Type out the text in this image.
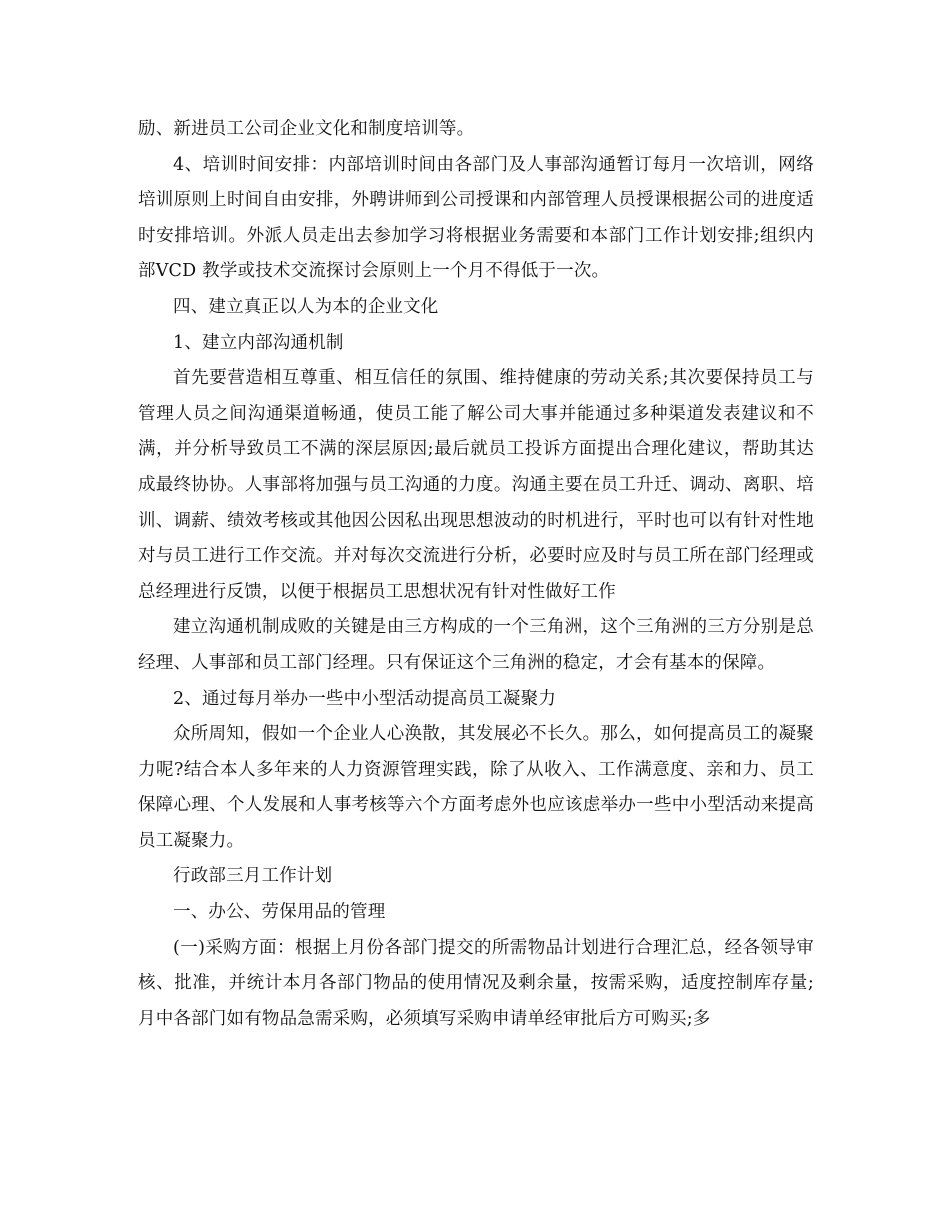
励、新进员工公司企业文化和制度培训等。

4、培训时间安排：内部培训时间由各部门及人事部沟通暂订每月一次培训，网络培训原则上时间自由安排，外聘讲师到公司授课和内部管理人员授课根据公司的进度适时安排培训。外派人员走出去参加学习将根据业务需要和本部门工作计划安排;组织内部VCD 教学或技术交流探讨会原则上一个月不得低于一次。

四、建立真正以人为本的企业文化

1、建立内部沟通机制

首先要营造相互尊重、相互信任的氛围、维持健康的劳动关系;其次要保持员工与管理人员之间沟通渠道畅通，使员工能了解公司大事并能通过多种渠道发表建议和不满，并分析导致员工不满的深层原因;最后就员工投诉方面提出合理化建议，帮助其达成最终协协。人事部将加强与员工沟通的力度。沟通主要在员工升迁、调动、离职、培训、调薪、绩效考核或其他因公因私出现思想波动的时机进行，平时也可以有针对性地对与员工进行工作交流。并对每次交流进行分析，必要时应及时与员工所在部门经理或总经理进行反馈，以便于根据员工思想状况有针对性做好工作

建立沟通机制成败的关键是由三方构成的一个三角洲，这个三角洲的三方分别是总经理、人事部和员工部门经理。只有保证这个三角洲的稳定，才会有基本的保障。

2、通过每月举办一些中小型活动提高员工凝聚力

众所周知，假如一个企业人心涣散，其发展必不长久。那么，如何提高员工的凝聚力呢?结合本人多年来的人力资源管理实践，除了从收入、工作满意度、亲和力、员工保障心理、个人发展和人事考核等六个方面考虑外也应该虑举办一些中小型活动来提高员工凝聚力。

行政部三月工作计划

一、办公、劳保用品的管理

(一)采购方面：根据上月份各部门提交的所需物品计划进行合理汇总，经各领导审核、批准，并统计本月各部门物品的使用情况及剩余量，按需采购，适度控制库存量;月中各部门如有物品急需采购，必须填写采购申请单经审批后方可购买;多
